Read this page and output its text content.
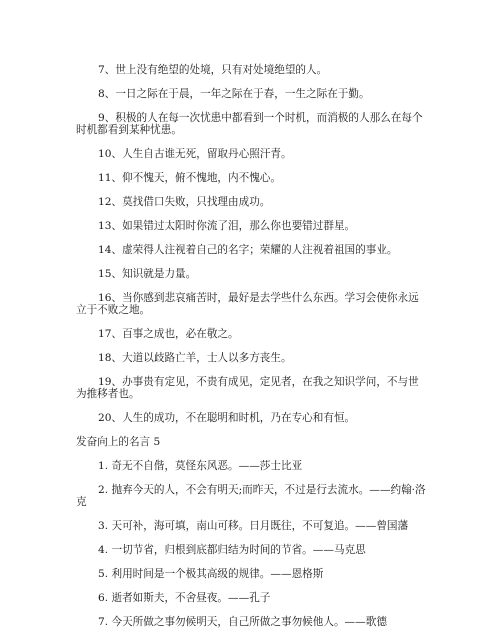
7、世上没有绝望的处境，只有对处境绝望的人。

8、一日之际在于晨，一年之际在于春，一生之际在于勤。

9、积极的人在每一次忧患中都看到一个时机，而消极的人那么在每个时机都看到某种忧患。

10、人生自古谁无死，留取丹心照汗青。

11、仰不愧天，俯不愧地，内不愧心。

12、莫找借口失败，只找理由成功。

13、如果错过太阳时你流了泪，那么你也要错过群星。

14、虚荣得人注视着自己的名字；荣耀的人注视着祖国的事业。

15、知识就是力量。

16、当你感到悲哀痛苦时，最好是去学些什么东西。学习会使你永远立于不败之地。

17、百事之成也，必在敬之。

18、大道以歧路亡羊，士人以多方丧生。

19、办事贵有定见，不贵有成见，定见者，在我之知识学问，不与世为推移者也。

20、人生的成功，不在聪明和时机，乃在专心和有恒。

发奋向上的名言 5

1. 奇无不自偕，莫怪东风恶。——莎士比亚

2. 抛弃今天的人，不会有明天;而昨天，不过是行去流水。——约翰·洛克

3. 天可补，海可填，南山可移。日月既往，不可复追。——曾国藩

4. 一切节省，归根到底都归结为时间的节省。——马克思

5. 利用时间是一个极其高级的规律。——恩格斯

6. 逝者如斯夫，不舍昼夜。——孔子

7. 今天所做之事勿候明天，自己所做之事勿候他人。——歌德
